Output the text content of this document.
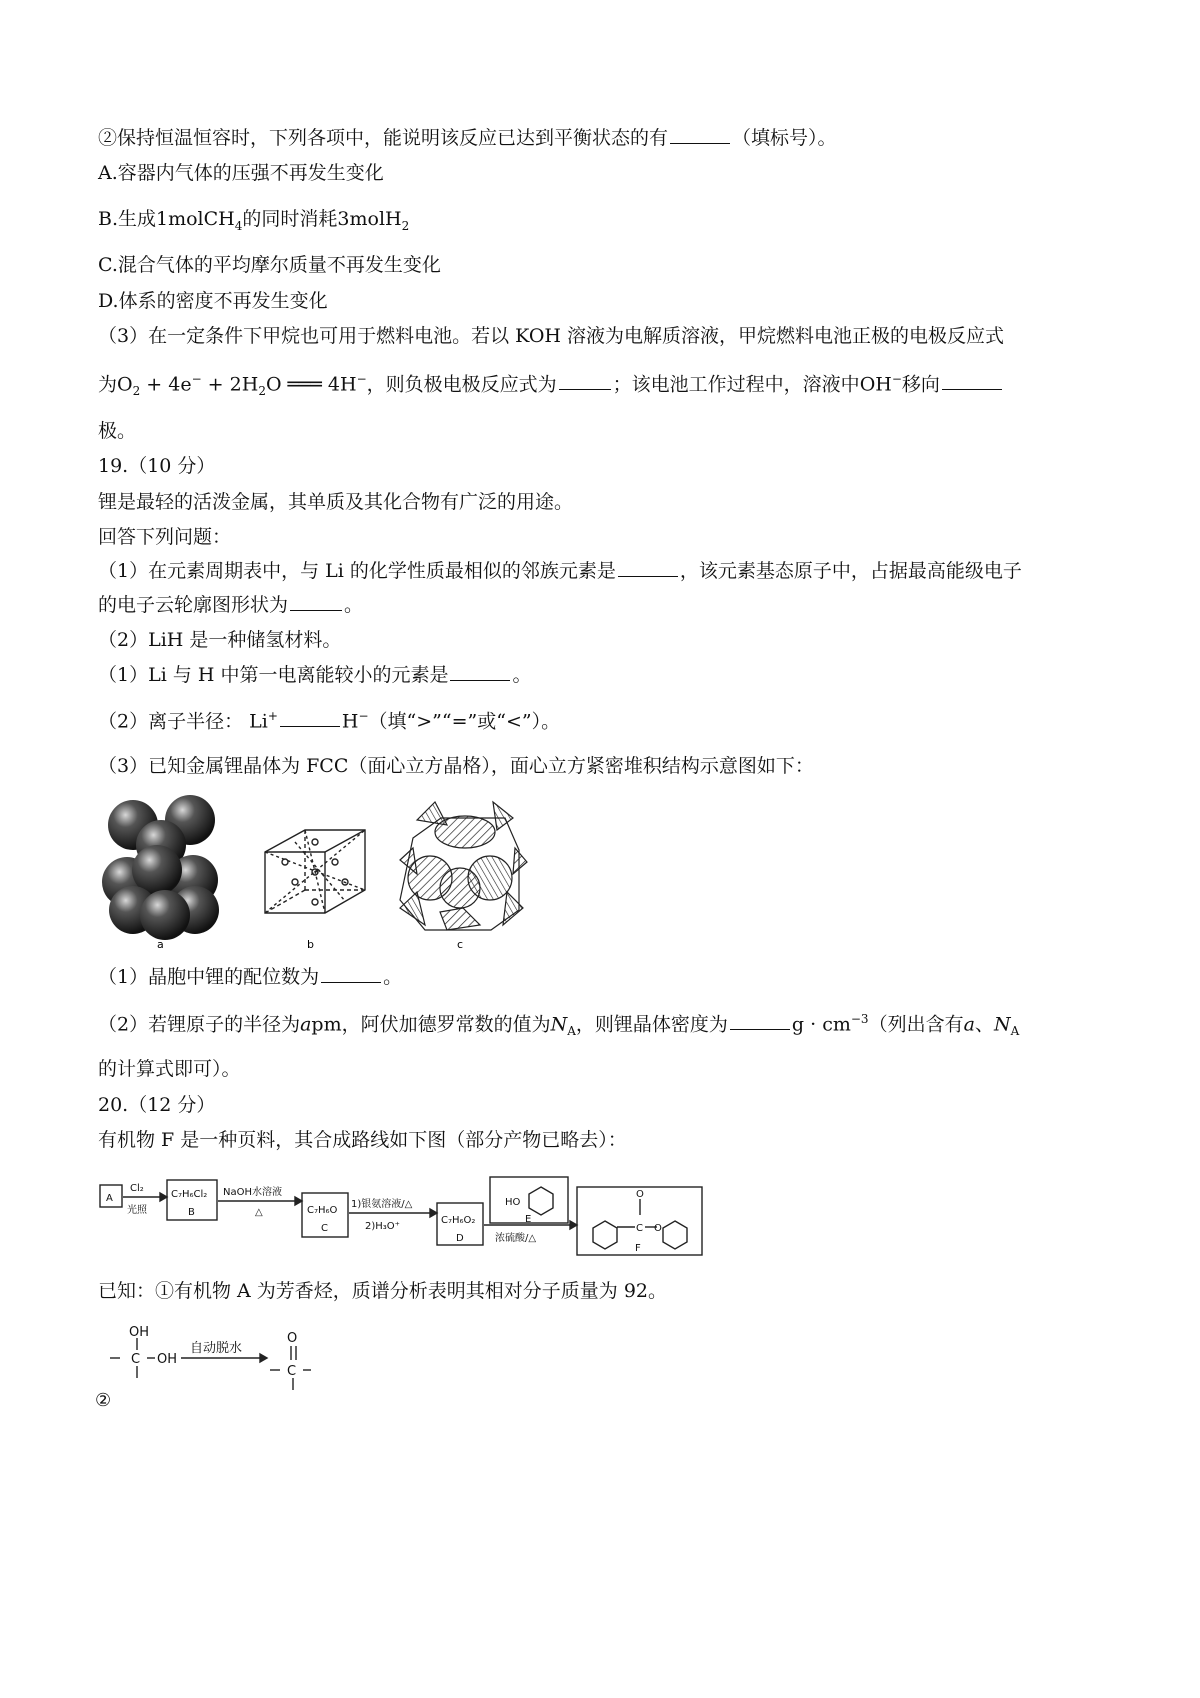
②保持恒温恒容时，下列各项中，能说明该反应已达到平衡状态的有	（填标号）。
A.容器内气体的压强不再发生变化
B.生成1molCH$_4$的同时消耗3molH$_2$
C.混合气体的平均摩尔质量不再发生变化
D.体系的密度不再发生变化
（3）在一定条件下甲烷也可用于燃料电池。若以 KOH 溶液为电解质溶液，甲烷燃料电池正极的电极反应式
为$O_2 + 4e^- + 2H_2O$ ═══ 4H−，则负极电极反应式为	；该电池工作过程中，溶液中OH−移向
极。
19.（10 分）
锂是最轻的活泼金属，其单质及其化合物有广泛的用途。
回答下列问题：
（1）在元素周期表中，与 Li 的化学性质最相似的邻族元素是	，该元素基态原子中，占据最高能级电子
的电子云轮廓图形状为	。
（2）LiH 是一种储氢材料。
（1）Li 与 H 中第一电离能较小的元素是	。
（2）离子半径： Li+	H−（填“>”“=”或“<”）。
（3）已知金属锂晶体为 FCC（面心立方晶格），面心立方紧密堆积结构示意图如下：
a	b	c
（1）晶胞中锂的配位数为	。
（2）若锂原子的半径为apm，阿伏加德罗常数的值为$N_A$，则锂晶体密度为	$g \cdot cm^{-3}$（列出含有a、$N_A$
的计算式即可）。
20.（12 分）
有机物 F 是一种页料，其合成路线如下图（部分产物已略去）：
A
Cl₂
光照
C₇H₆Cl₂
B
NaOH水溶液
△	C₇H₆O
C
1)银氨溶液/△
2)H₃O⁺
C₇H₆O₂
D
HO
E
浓硫酸/△
O
C O
F
已知：①有机物 A 为芳香烃，质谱分析表明其相对分子质量为 92。
OH
C OH
自动脱水
O
C
②
